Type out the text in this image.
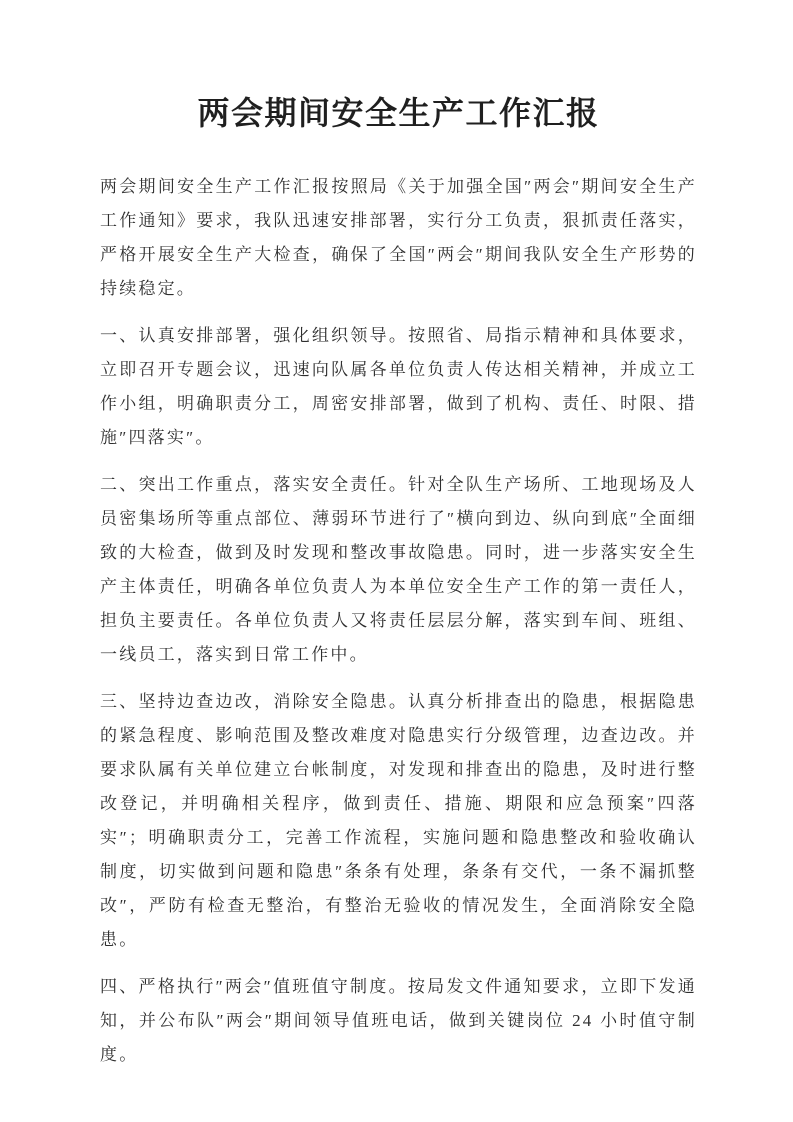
两会期间安全生产工作汇报

两会期间安全生产工作汇报按照局《关于加强全国″两会″期间安全生产工作通知》要求，我队迅速安排部署，实行分工负责，狠抓责任落实，严格开展安全生产大检查，确保了全国″两会″期间我队安全生产形势的持续稳定。

一、认真安排部署，强化组织领导。按照省、局指示精神和具体要求，立即召开专题会议，迅速向队属各单位负责人传达相关精神，并成立工作小组，明确职责分工，周密安排部署，做到了机构、责任、时限、措施″四落实″。

二、突出工作重点，落实安全责任。针对全队生产场所、工地现场及人员密集场所等重点部位、薄弱环节进行了″横向到边、纵向到底″全面细致的大检查，做到及时发现和整改事故隐患。同时，进一步落实安全生产主体责任，明确各单位负责人为本单位安全生产工作的第一责任人，担负主要责任。各单位负责人又将责任层层分解，落实到车间、班组、一线员工，落实到日常工作中。

三、坚持边查边改，消除安全隐患。认真分析排查出的隐患，根据隐患的紧急程度、影响范围及整改难度对隐患实行分级管理，边查边改。并要求队属有关单位建立台帐制度，对发现和排查出的隐患，及时进行整改登记，并明确相关程序，做到责任、措施、期限和应急预案″四落实″；明确职责分工，完善工作流程，实施问题和隐患整改和验收确认制度，切实做到问题和隐患″条条有处理，条条有交代，一条不漏抓整改″，严防有检查无整治，有整治无验收的情况发生，全面消除安全隐患。

四、严格执行″两会″值班值守制度。按局发文件通知要求，立即下发通知，并公布队″两会″期间领导值班电话，做到关键岗位 24 小时值守制度。
